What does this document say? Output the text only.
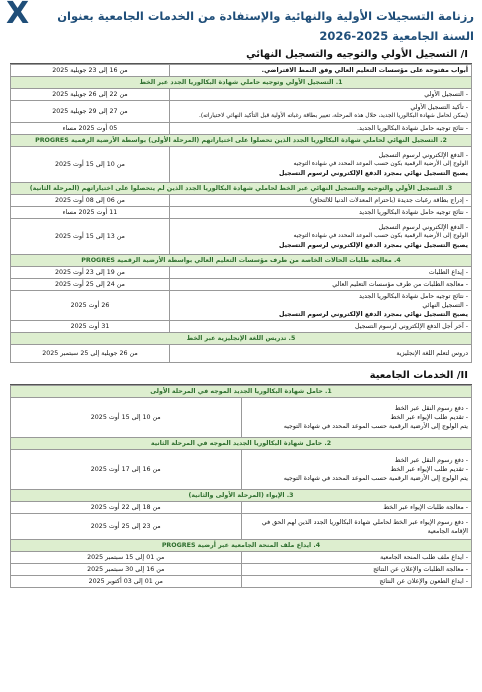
X رزنامة التسجيلات الأولية والنهائية والإستفادة من الخدمات الجامعية بعنوان السنة الجامعية 2025-2026
I/ التسجيل الأولي والتوجيه والتسجيل النهائي
أبواب مفتوحة على مؤسسات التعليم العالي وفق النمط الافتراضي.	من 16 إلى 23 جويلية 2025
1. التسجيل الأولي وتوجيه حاملي شهادة البكالوريا الجدد عبر الخط	

- التسجيل الأولي	من 22 إلى 26 جويلية 2025

- تأكيد التسجيل الأولي
(يمكن لحامل شهادة البكالوريا الجديد، خلال هذه المرحلة، تغيير بطاقة رغباته الأولية قبل التأكيد النهائي لاختياراته).	من 27 إلى 29 جويلية 2025

- نتائج توجيه حامل شهادة البكالوريا الجديد.	05 أوت 2025 مساء
2. التسجيل النهائي لحاملي شهادة البكالوريا الجدد الذين تحصلوا على اختياراتهم (المرحلة الأولى) بواسطة الأرضية الرقمية PROGRES	

- الدفع الإلكتروني لرسوم التسجيل
الولوج إلى الأرضية الرقمية بكون حسب الموعد المحدد في شهادة التوجيه
يصبح التسجيل نهائي بمجرد الدفع الإلكتروني لرسوم التسجيل	من 10 إلى 15 أوت 2025
3. التسجيل الأولي والتوجيه والتسجيل النهائي عبر الخط لحاملي شهادة البكالوريا الجدد الذين لم يتحصلوا على اختياراتهم (المرحلة الثانية)	

- إدراج بطاقة رغبات جديدة (باحترام المعدلات الدنيا للالتحاق)	من 06 إلى 08 أوت 2025

- نتائج توجيه حامل شهادة البكالوريا الجديد	11 أوت 2025 مساء

- الدفع الإلكتروني لرسوم التسجيل
الولوج إلى الأرضية الرقمية بكون حسب الموعد المحدد في شهادة التوجيه
يصبح التسجيل نهائي بمجرد الدفع الإلكتروني لرسوم التسجيل	من 13 إلى 15 أوت 2025
4. معالجة طلبات الحالات الخاصة من طرف مؤسسات التعليم العالي بواسطة الأرضية الرقمية PROGRES	

- إيداع الطلبات	من 19 إلى 23 أوت 2025

- معالجة الطلبات من طرف مؤسسات التعليم العالي	من 24 إلى 25 أوت 2025

- نتائج توجيه حامل شهادة البكالوريا الجديد
- التسجيل النهائي
يصبح التسجيل نهائي بمجرد الدفع الإلكتروني لرسوم التسجيل	26 أوت 2025

- آخر أجل الدفع الإلكتروني لرسوم التسجيل	31 أوت 2025
5. تدريس اللغة الإنجليزية عبر الخط	

دروس لتعلم اللغة الإنجليزية	من 26 جويلية إلى 25 سبتمبر 2025
II/ الخدمات الجامعية
1. حامل شهادة البكالوريا الجديد الموجه في المرحلة الأولى	

- دفع رسوم النقل عبر الخط
- تقديم طلب الإيواء عبر الخط
يتم الولوج إلى الأرضية الرقمية حسب الموعد المحدد في شهادة التوجيه	من 10 إلى 15 أوت 2025
2. حامل شهادة البكالوريا الجديد الموجه في المرحلة الثانية	

- دفع رسوم النقل عبر الخط
- تقديم طلب الإيواء عبر الخط
يتم الولوج إلى الأرضية الرقمية حسب الموعد المحدد في شهادة التوجيه	من 16 إلى 17 أوت 2025
3. الإيواء (المرحلة الأولى والثانية)	

- معالجة طلبات الإيواء عبر الخط	من 18 إلى 22 أوت 2025

- دفع رسوم الإيواء عبر الخط لحاملي شهادة البكالوريا الجدد الذين لهم الحق في الإقامة الجامعية	من 23 إلى 25 أوت 2025
4. ايداع ملف المنحة الجامعية عبر أرضية PROGRES	

- ايداع ملف طلب المنحة الجامعية	من 01 إلى 15 سبتمبر 2025

- معالجة الطلبات والإعلان عن النتائج	من 16 إلى 30 سبتمبر 2025

- ايداع الطعون والإعلان عن النتائج	من 01 إلى 03 أكتوبر 2025
